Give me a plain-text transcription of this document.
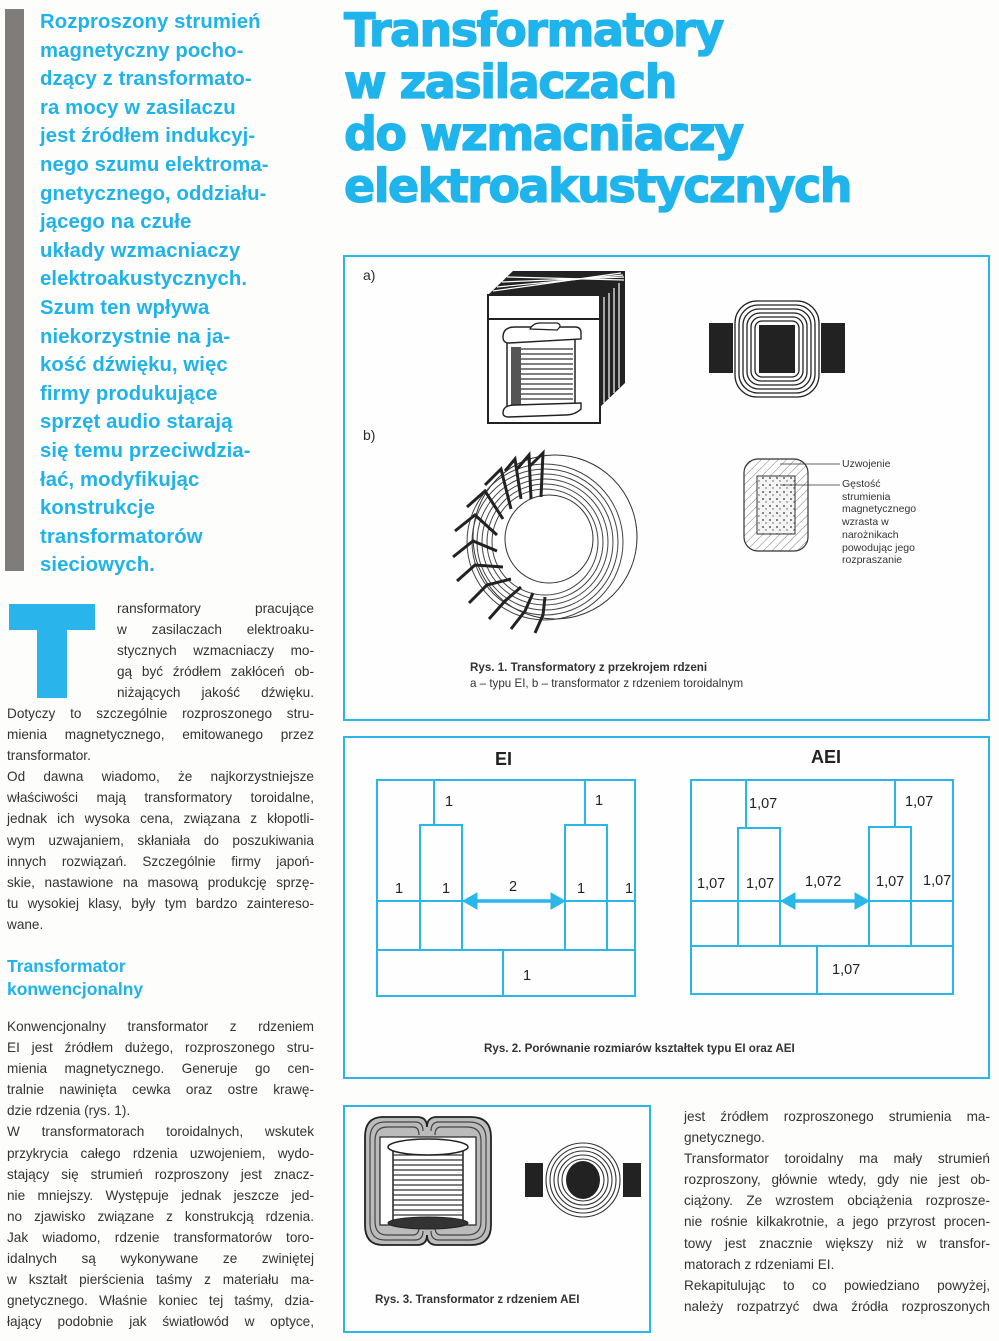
Rozproszony strumień
magnetyczny pocho-
dzący z transformato-
ra mocy w zasilaczu
jest źródłem indukcyj-
nego szumu elektroma-
gnetycznego, oddziału-
jącego na czułe
układy wzmacniaczy
elektroakustycznych.
Szum ten wpływa
niekorzystnie na ja-
kość dźwięku, więc
firmy produkujące
sprzęt audio starają
się temu przeciwdzia-
łać, modyfikując
konstrukcje
transformatorów
sieciowych.
Transformatory
w zasilaczach
do wzmacniaczy
elektroakustycznych
ransformatory pracujące
w zasilaczach elektroaku-
stycznych wzmacniaczy mo-
gą być źródłem zakłóceń ob-
niżających jakość dźwięku.
Dotyczy to szczególnie rozproszonego stru-
mienia magnetycznego, emitowanego przez
transformator.
Od dawna wiadomo, że najkorzystniejsze
właściwości mają transformatory toroidalne,
jednak ich wysoka cena, związana z kłopotli-
wym uzwajaniem, skłaniała do poszukiwania
innych rozwiązań. Szczególnie firmy japoń-
skie, nastawione na masową produkcję sprzę-
tu wysokiej klasy, były tym bardzo zaintereso-
wane.
Transformator
konwencjonalny
Konwencjonalny transformator z rdzeniem
EI jest źródłem dużego, rozproszonego stru-
mienia magnetycznego. Generuje go cen-
tralnie nawinięta cewka oraz ostre krawę-
dzie rdzenia (rys. 1).
W transformatorach toroidalnych, wskutek
przykrycia całego rdzenia uzwojeniem, wydo-
stający się strumień rozproszony jest znacz-
nie mniejszy. Występuje jednak jeszcze jed-
no zjawisko związane z konstrukcją rdzenia.
Jak wiadomo, rdzenie transformatorów toro-
idalnych są wykonywane ze zwiniętej
w kształt pierścienia taśmy z materiału ma-
gnetycznego. Właśnie koniec tej taśmy, dzia-
łający podobnie jak światłowód w optyce,
a)
b)
Uzwojenie
Gęstość
strumienia
magnetycznego
wzrasta w
narożnikach
powodując jego
rozpraszanie
Rys. 1. Transformatory z przekrojem rdzeni
a – typu EI, b – transformator z rdzeniem toroidalnym
EI	AEI
1	1
1	1	2	1	1
1
1,07	1,07
1,07 1,07 1,072 1,07 1,07
1,07
Rys. 2. Porównanie rozmiarów kształtek typu EI oraz AEI
Rys. 3. Transformator z rdzeniem AEI
jest źródłem rozproszonego strumienia ma-
gnetycznego.
Transformator toroidalny ma mały strumień
rozproszony, głównie wtedy, gdy nie jest ob-
ciążony. Ze wzrostem obciążenia rozprosze-
nie rośnie kilkakrotnie, a jego przyrost procen-
towy jest znacznie większy niż w transfor-
matorach z rdzeniami EI.
Rekapitulując to co powiedziano powyżej,
należy rozpatrzyć dwa źródła rozproszonych
